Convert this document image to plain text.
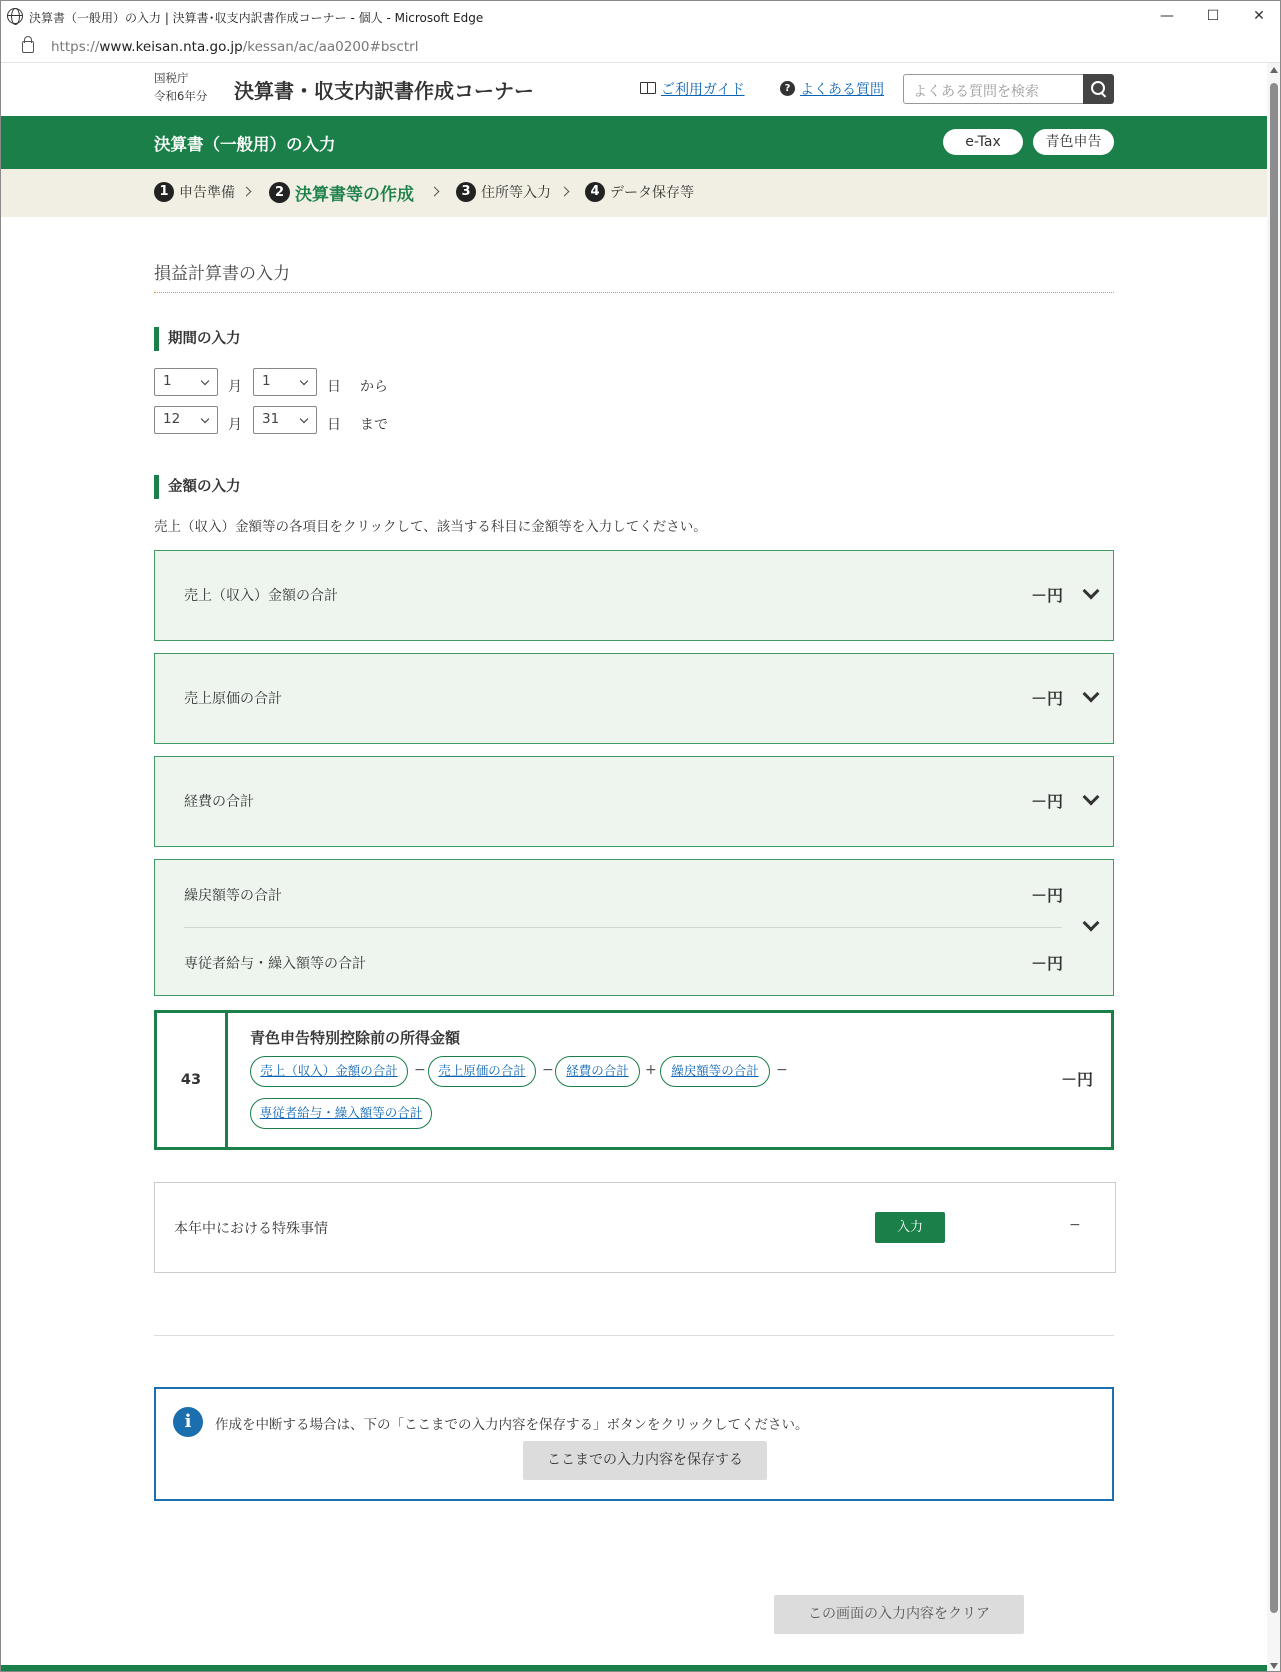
決算書（一般用）の入力 | 決算書･収支内訳書作成コーナー - 個人 - Microsoft Edge	—	☐	✕
https://www.keisan.nta.go.jp/kessan/ac/aa0200#bsctrl
国税庁
令和6年分 決算書・収支内訳書作成コーナー	ご利用ガイド	? よくある質問	よくある質問を検索
決算書（一般用）の入力	e-Tax	青色申告
1 申告準備	2 決算書等の作成	3 住所等入力	4 データ保存等
損益計算書の入力
期間の入力
1	月	1	日 から
12	月	31	日 まで
金額の入力
売上（収入）金額等の各項目をクリックして、該当する科目に金額等を入力してください。
売上（収入）金額の合計	－円
売上原価の合計	－円
経費の合計	－円
繰戻額等の合計	－円
専従者給与・繰入額等の合計	－円
43
青色申告特別控除前の所得金額
売上（収入）金額の合計	−	売上原価の合計	−	経費の合計	+	繰戻額等の合計	−
専従者給与・繰入額等の合計
－円
本年中における特殊事情	入力	−
i	作成を中断する場合は、下の「ここまでの入力内容を保存する」ボタンをクリックしてください。
ここまでの入力内容を保存する
この画面の入力内容をクリア
